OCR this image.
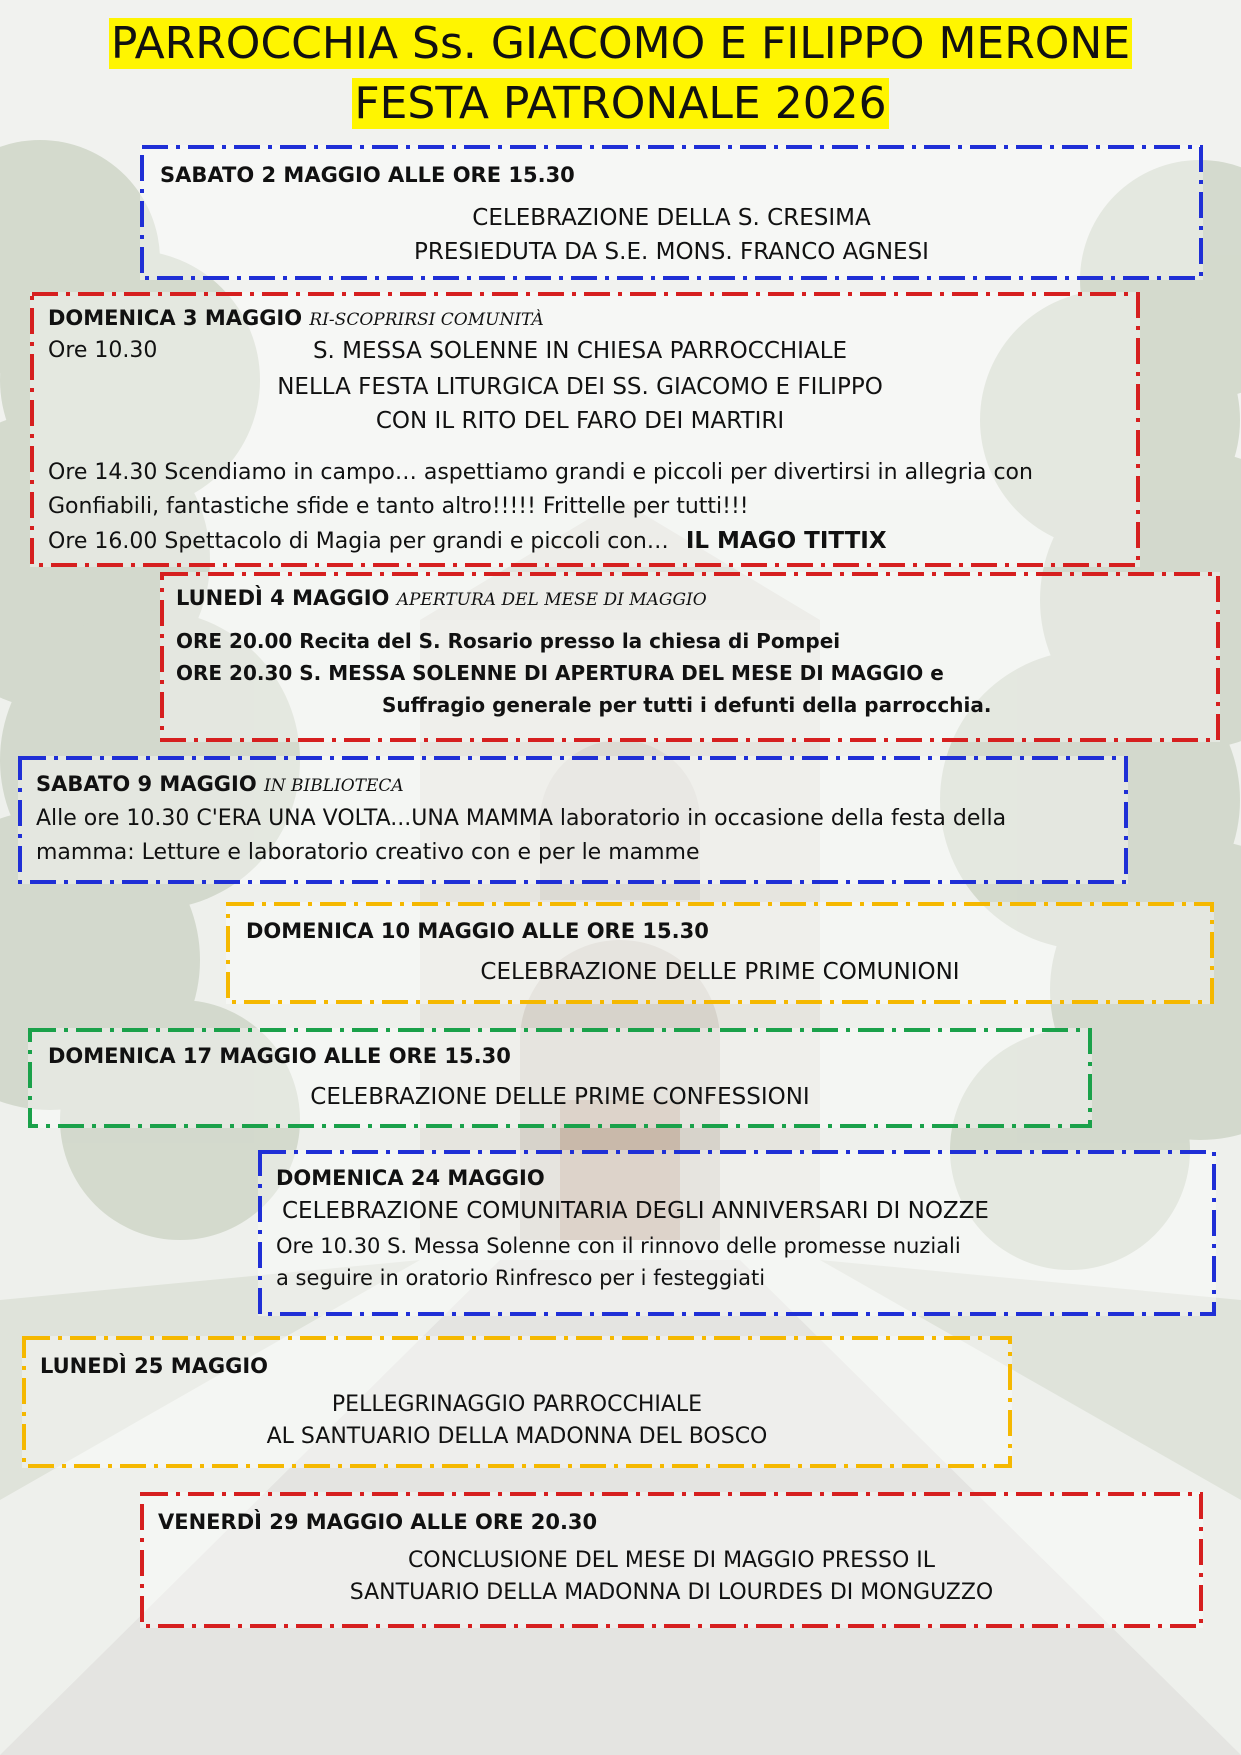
PARROCCHIA Ss. GIACOMO E FILIPPO MERONE
FESTA PATRONALE 2026
SABATO 2 MAGGIO ALLE ORE 15.30
CELEBRAZIONE DELLA S. CRESIMA
PRESIEDUTA DA S.E. MONS. FRANCO AGNESI
DOMENICA 3 MAGGIO RI-SCOPRIRSI COMUNITÀ
Ore 10.30	S. MESSA SOLENNE IN CHIESA PARROCCHIALE
NELLA FESTA LITURGICA DEI SS. GIACOMO E FILIPPO
CON IL RITO DEL FARO DEI MARTIRI
Ore 14.30 Scendiamo in campo… aspettiamo grandi e piccoli per divertirsi in allegria con
Gonfiabili, fantastiche sfide e tanto altro!!!!! Frittelle per tutti!!!
Ore 16.00 Spettacolo di Magia per grandi e piccoli con… IL MAGO TITTIX
LUNEDÌ 4 MAGGIO APERTURA DEL MESE DI MAGGIO
ORE 20.00 Recita del S. Rosario presso la chiesa di Pompei
ORE 20.30 S. MESSA SOLENNE DI APERTURA DEL MESE DI MAGGIO e
Suffragio generale per tutti i defunti della parrocchia.
SABATO 9 MAGGIO IN BIBLIOTECA
Alle ore 10.30 C'ERA UNA VOLTA...UNA MAMMA laboratorio in occasione della festa della
mamma: Letture e laboratorio creativo con e per le mamme
DOMENICA 10 MAGGIO ALLE ORE 15.30
CELEBRAZIONE DELLE PRIME COMUNIONI
DOMENICA 17 MAGGIO ALLE ORE 15.30
CELEBRAZIONE DELLE PRIME CONFESSIONI
DOMENICA 24 MAGGIO
CELEBRAZIONE COMUNITARIA DEGLI ANNIVERSARI DI NOZZE
Ore 10.30 S. Messa Solenne con il rinnovo delle promesse nuziali
a seguire in oratorio Rinfresco per i festeggiati
LUNEDÌ 25 MAGGIO
PELLEGRINAGGIO PARROCCHIALE
AL SANTUARIO DELLA MADONNA DEL BOSCO
VENERDÌ 29 MAGGIO ALLE ORE 20.30
CONCLUSIONE DEL MESE DI MAGGIO PRESSO IL
SANTUARIO DELLA MADONNA DI LOURDES DI MONGUZZO
